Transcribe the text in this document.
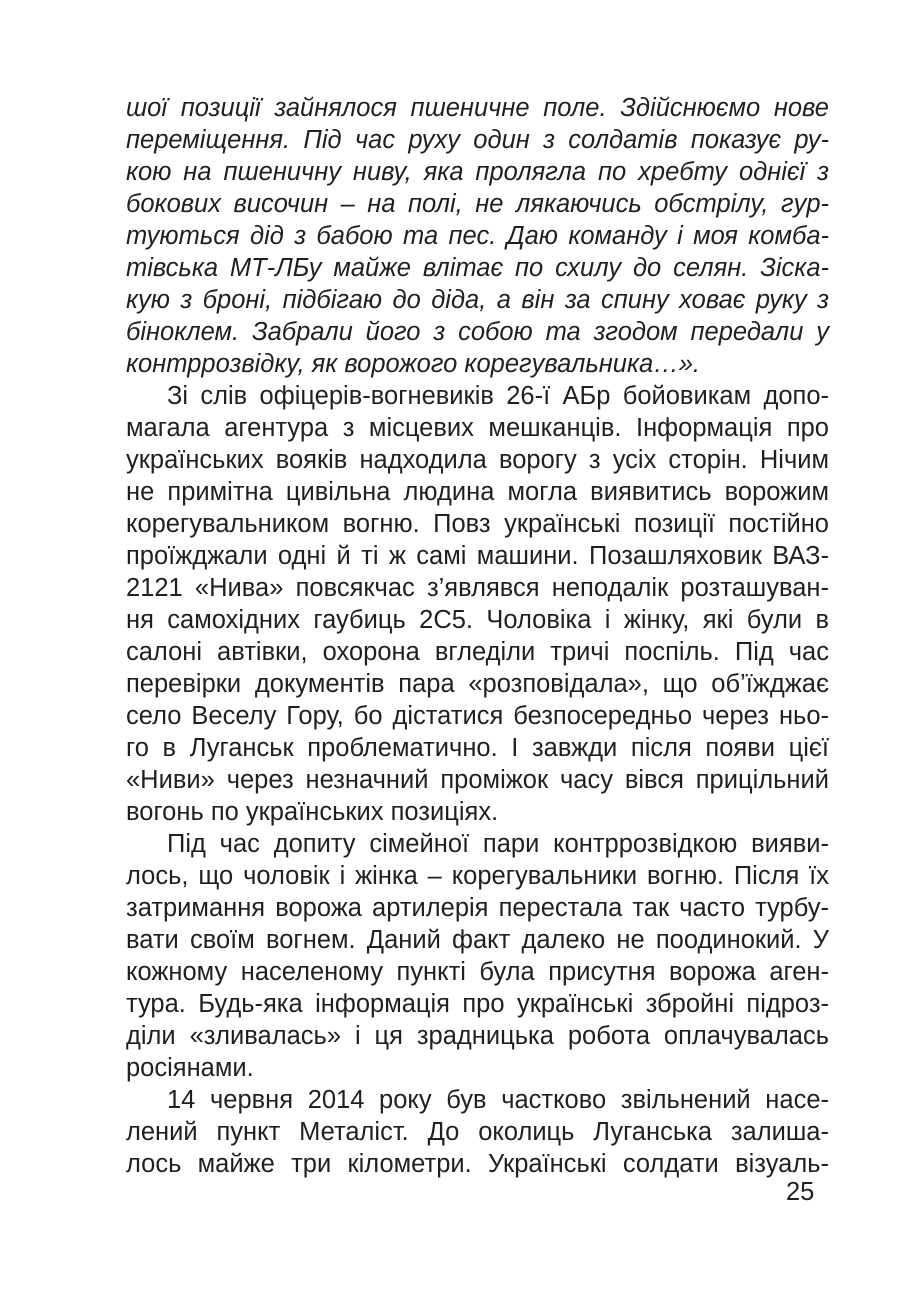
шої позиції зайнялося пшеничне поле. Здійснюємо нове
переміщення. Під час руху один з солдатів показує ру-
кою на пшеничну ниву, яка пролягла по хребту однієї з
бокових височин – на полі, не лякаючись обстрілу, гур-
туються дід з бабою та пес. Даю команду і моя комба-
тівська МТ-ЛБу майже влітає по схилу до селян. Зіска-
кую з броні, підбігаю до діда, а він за спину ховає руку з
біноклем. Забрали його з собою та згодом передали у
контррозвідку, як ворожого корегувальника…».
Зі слів офіцерів-вогневиків 26-ї АБр бойовикам допо-
магала агентура з місцевих мешканців. Інформація про
українських вояків надходила ворогу з усіх сторін. Нічим
не примітна цивільна людина могла виявитись ворожим
корегувальником вогню. Повз українські позиції постійно
проїжджали одні й ті ж самі машини. Позашляховик ВАЗ-
2121 «Нива» повсякчас з’являвся неподалік розташуван-
ня самохідних гаубиць 2С5. Чоловіка і жінку, які були в
салоні автівки, охорона вгледіли тричі поспіль. Під час
перевірки документів пара «розповідала», що об’їжджає
село Веселу Гору, бо дістатися безпосередньо через ньо-
го в Луганськ проблематично. І завжди після появи цієї
«Ниви» через незначний проміжок часу вівся прицільний
вогонь по українських позиціях.
Під час допиту сімейної пари контррозвідкою вияви-
лось, що чоловік і жінка – корегувальники вогню. Після їх
затримання ворожа артилерія перестала так часто турбу-
вати своїм вогнем. Даний факт далеко не поодинокий. У
кожному населеному пункті була присутня ворожа аген-
тура. Будь-яка інформація про українські збройні підроз-
діли «зливалась» і ця зрадницька робота оплачувалась
росіянами.
14 червня 2014 року був частково звільнений насе-
лений пункт Металіст. До околиць Луганська залиша-
лось майже три кілометри. Українські солдати візуаль-
25
